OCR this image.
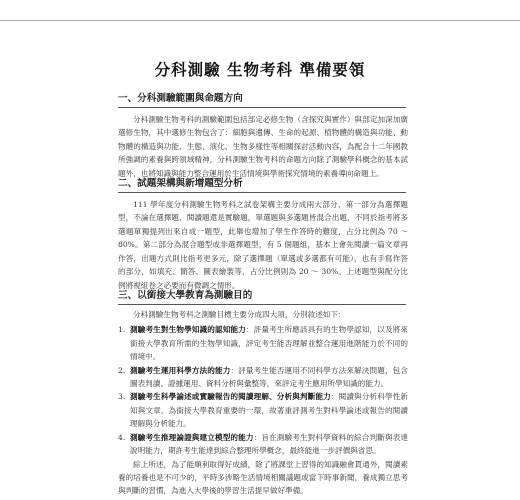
分科測驗 生物考科 準備要領
一、分科測驗範圍與命題方向
分科測驗生物考科的測驗範圍包括部定必修生物（含探究與實作）與部定加深加廣選修生物，其中選修生物包含了：細胞與遺傳、生命的起源、植物體的構造與功能、動物體的構造與功能、生態、演化、生物多樣性等相關探討活動內容，為配合十二年國教所強調的素養與跨領域精神，分科測驗生物考科的命題方向除了測驗學科概念的基本試題外，也將知識與能力整合運用於生活情境與學術探究情境的素養導向命題上。
二、試題架構與新增題型分析
111 學年度分科測驗生物考科之試卷架構主要分成兩大部分，第一部分為選擇題型，不論在選擇題、閱讀題還是實驗題，單選題與多選題皆混合出題，不同於指考將多選題單獨提列出來自成一題型，此舉也增加了學生作答時的難度，占分比例為 70 ～ 80%。第二部分為混合題型或非選擇題型，有 5 個題組，基本上會先閱讀一篇文章再作答，出題方式則比指考更多元，除了選擇題（單選或多選都有可能），也有手寫作答的部分，如填充、簡答、圖表繪製等，占分比例則為 20 ～ 30%。上述題型與配分比例將視組卷之必要而有微調之情形。
三、以銜接大學教育為測驗目的
分科測驗生物考科之測驗目標主要分成四大項，分別敘述如下：
1. 測驗考生對生物學知識的認知能力：評量考生所應該具有的生物學認知，以及將來銜接大學教育所需的生物學知識，評定考生能否理解並整合運用進階能力於不同的情境中。
2. 測驗考生運用科學方法的能力：評量考生能否運用不同科學方法來解決問題，包含圖表判讀、證據運用、資料分析與彙整等，來評定考生應用所學知識的能力。
3. 測驗考生科學論述或實驗報告的閱讀理解、分析與判斷能力：閱讀與分析科學性新知與文章，為銜接大學教育重要的一環，故著重評測考生對科學論述或報告的閱讀理解與分析能力。
4. 測驗考生推理論證與建立模型的能力：旨在測驗考生對科學資料的綜合判斷與表達說明能力，期許考生能達到綜合整理所學概念，最終能進一步評價與省思。
綜上所述，為了能順利取得好成績，除了將課堂上習得的知識融會貫通外，閱讀素養的培養也是不可少的，平時多涉略生活情境相關議題或當下時事新聞，養成獨立思考與判斷的習慣，為進入大學後的學習生活提早做好準備。
